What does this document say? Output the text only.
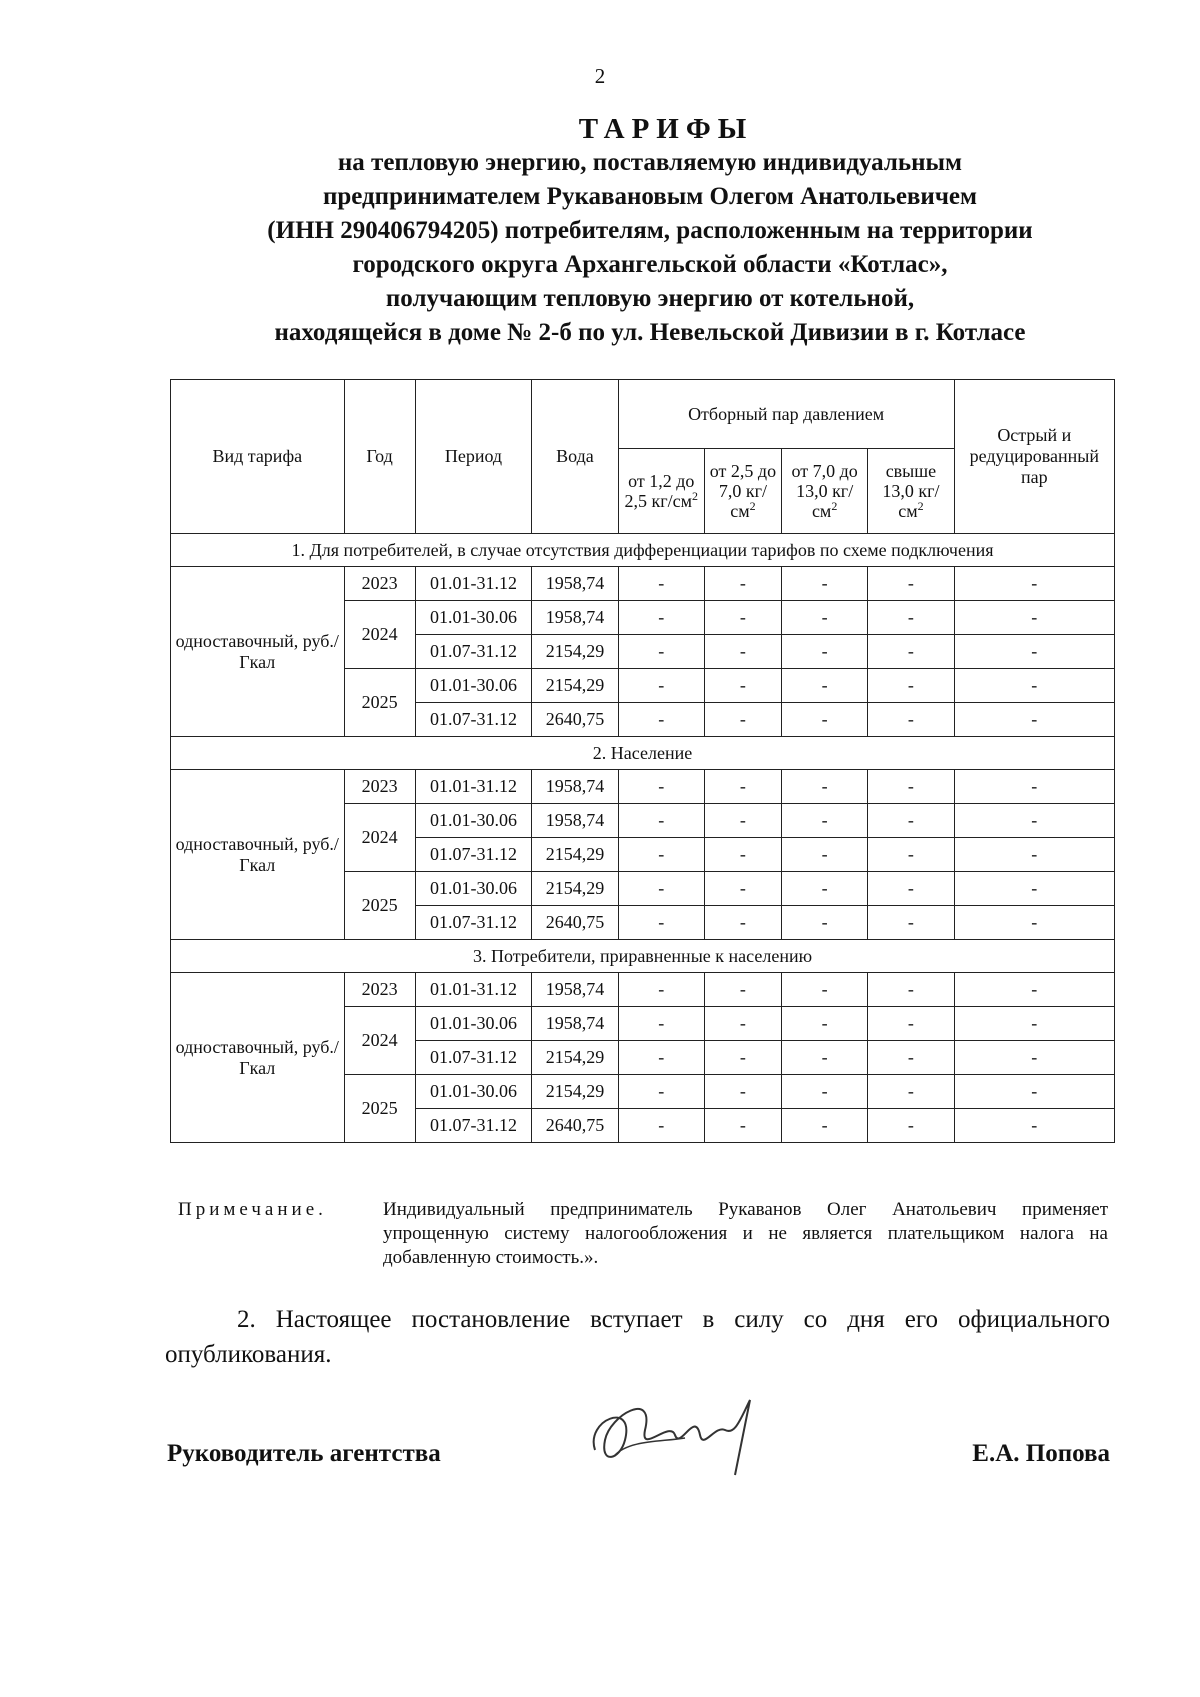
2
ТАРИФЫ
на тепловую энергию, поставляемую индивидуальным
предпринимателем Рукавановым Олегом Анатольевичем
(ИНН 290406794205) потребителям, расположенным на территории
городского округа Архангельской области «Котлас»,
получающим тепловую энергию от котельной,
находящейся в доме № 2-б по ул. Невельской Дивизии в г. Котласе
Вид тарифа	Год	Период	Вода	Отборный пар давлением				Острый и редуцированный пар
				от 1,2 до 2,5 $кг/см^2$	от 2,5 до 7,0 $кг/см^2$	от 7,0 до 13,0 $кг/см^2$	свыше 13,0 $кг/см^2$
1. Для потребителей, в случае отсутствия дифференциации тарифов по схеме подключения								
одноставочный, руб./Гкал	2023	01.01-31.12	1958,74	-	-	-	-	-
	2024	01.01-30.06	1958,74	-	-	-	-	-
		01.07-31.12	2154,29	-	-	-	-	-
	2025	01.01-30.06	2154,29	-	-	-	-	-
		01.07-31.12	2640,75	-	-	-	-	-
2. Население								
одноставочный, руб./Гкал	2023	01.01-31.12	1958,74	-	-	-	-	-
	2024	01.01-30.06	1958,74	-	-	-	-	-
		01.07-31.12	2154,29	-	-	-	-	-
	2025	01.01-30.06	2154,29	-	-	-	-	-
		01.07-31.12	2640,75	-	-	-	-	-
3. Потребители, приравненные к населению								
одноставочный, руб./Гкал	2023	01.01-31.12	1958,74	-	-	-	-	-
	2024	01.01-30.06	1958,74	-	-	-	-	-
		01.07-31.12	2154,29	-	-	-	-	-
	2025	01.01-30.06	2154,29	-	-	-	-	-
		01.07-31.12	2640,75	-	-	-	-	-
Примечание.	Индивидуальный предприниматель Рукаванов Олег Анатольевич применяет упрощенную систему налогообложения и не является плательщиком налога на добавленную стоимость.».
2. Настоящее постановление вступает в силу со дня его официального опубликования.
Руководитель агентства	Е.А. Попова
